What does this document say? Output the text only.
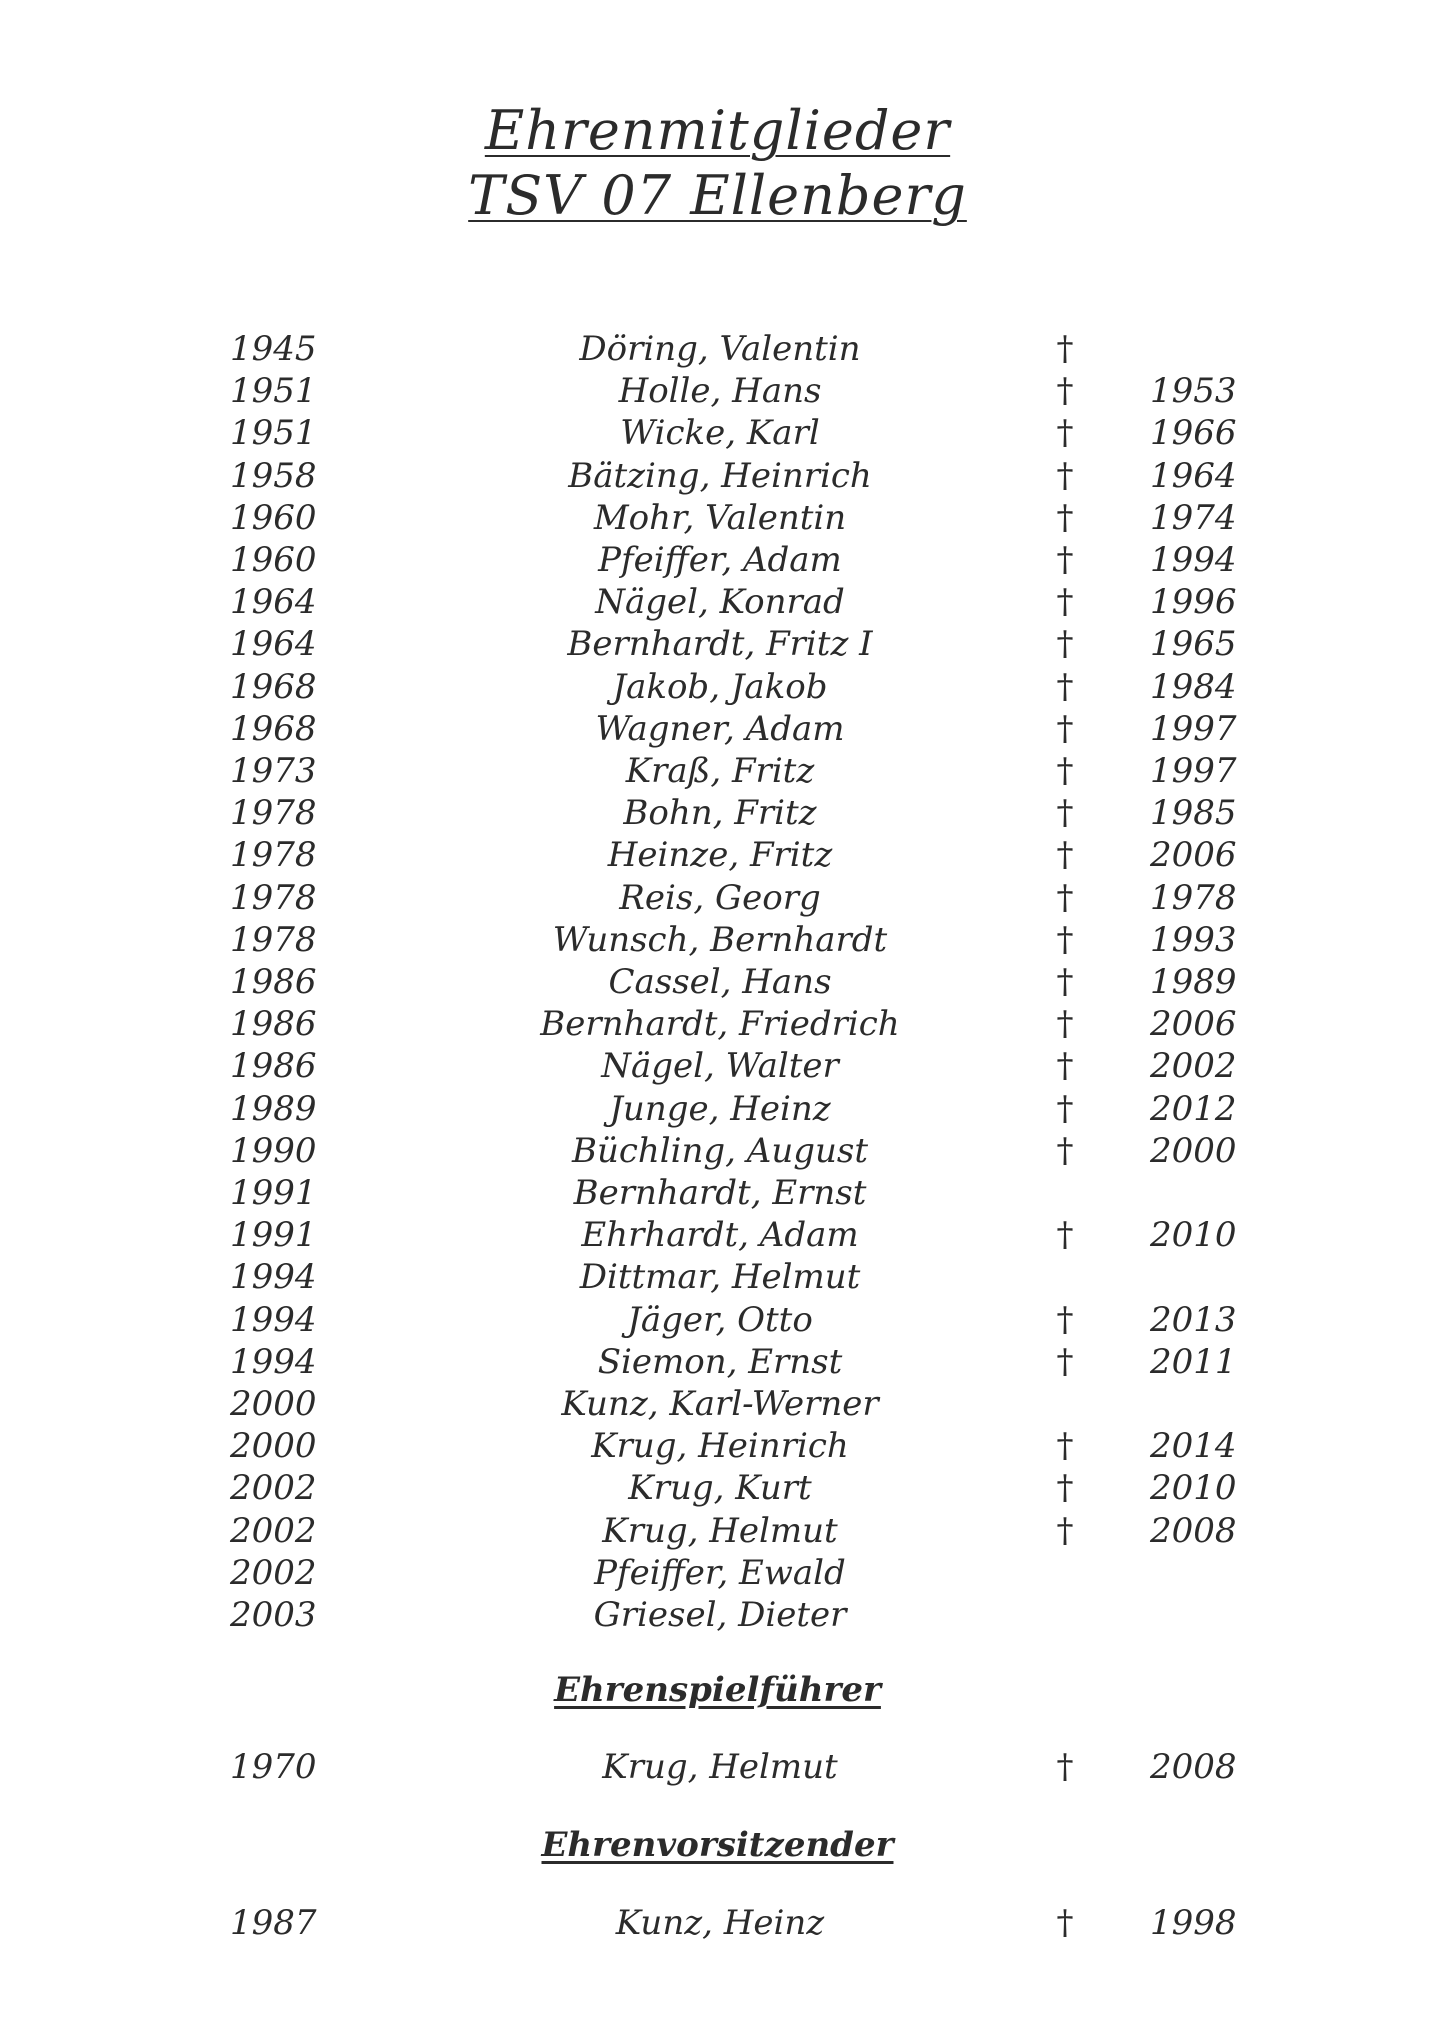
Ehrenmitglieder
TSV 07 Ellenberg
1945	Döring, Valentin	†
1951	Holle, Hans	† 1953
1951	Wicke, Karl	† 1966
1958	Bätzing, Heinrich	† 1964
1960	Mohr, Valentin	† 1974
1960	Pfeiffer, Adam	† 1994
1964	Nägel, Konrad	† 1996
1964	Bernhardt, Fritz I	† 1965
1968	Jakob, Jakob	† 1984
1968	Wagner, Adam	† 1997
1973	Kraß, Fritz	† 1997
1978	Bohn, Fritz	† 1985
1978	Heinze, Fritz	† 2006
1978	Reis, Georg	† 1978
1978	Wunsch, Bernhardt	† 1993
1986	Cassel, Hans	† 1989
1986	Bernhardt, Friedrich	† 2006
1986	Nägel, Walter	† 2002
1989	Junge, Heinz	† 2012
1990	Büchling, August	† 2000
1991	Bernhardt, Ernst
1991	Ehrhardt, Adam	† 2010
1994	Dittmar, Helmut
1994	Jäger, Otto	† 2013
1994	Siemon, Ernst	† 2011
2000	Kunz, Karl-Werner
2000	Krug, Heinrich	† 2014
2002	Krug, Kurt	† 2010
2002	Krug, Helmut	† 2008
2002	Pfeiffer, Ewald
2003	Griesel, Dieter
Ehrenspielführer
1970	Krug, Helmut	† 2008
Ehrenvorsitzender
1987	Kunz, Heinz	† 1998
